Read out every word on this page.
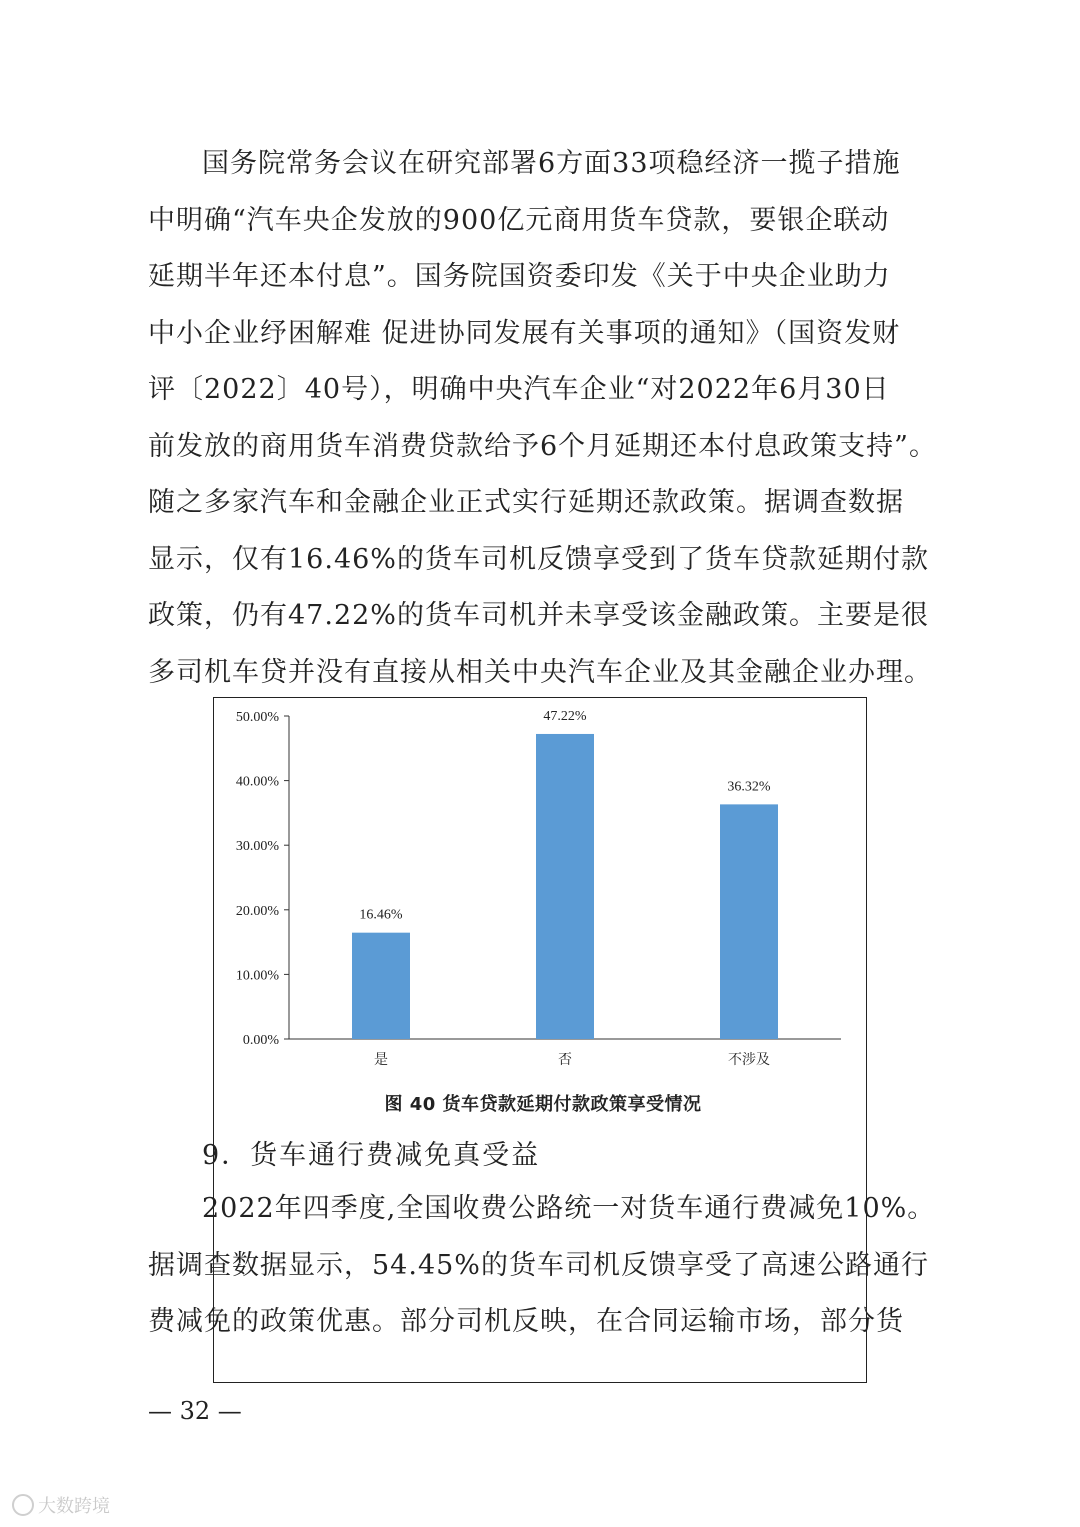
国务院常务会议在研究部署6方面33项稳经济一揽子措施
中明确“汽车央企发放的900亿元商用货车贷款，要银企联动
延期半年还本付息”。国务院国资委印发《关于中央企业助力
中小企业纾困解难 促进协同发展有关事项的通知》（国资发财
评〔2022〕40号），明确中央汽车企业“对2022年6月30日
前发放的商用货车消费贷款给予6个月延期还本付息政策支持”。
随之多家汽车和金融企业正式实行延期还款政策。据调查数据
显示，仅有16.46%的货车司机反馈享受到了货车贷款延期付款
政策，仍有47.22%的货车司机并未享受该金融政策。主要是很
多司机车贷并没有直接从相关中央汽车企业及其金融企业办理。
0.00%
10.00%
20.00%
30.00%
40.00%
50.00%
16.46%
是
47.22%
否
36.32%
不涉及
图 40 货车贷款延期付款政策享受情况
9．货车通行费减免真受益
2022年四季度,全国收费公路统一对货车通行费减免10%。
据调查数据显示，54.45%的货车司机反馈享受了高速公路通行
费减免的政策优惠。部分司机反映，在合同运输市场，部分货
— 32 —
大数跨境
